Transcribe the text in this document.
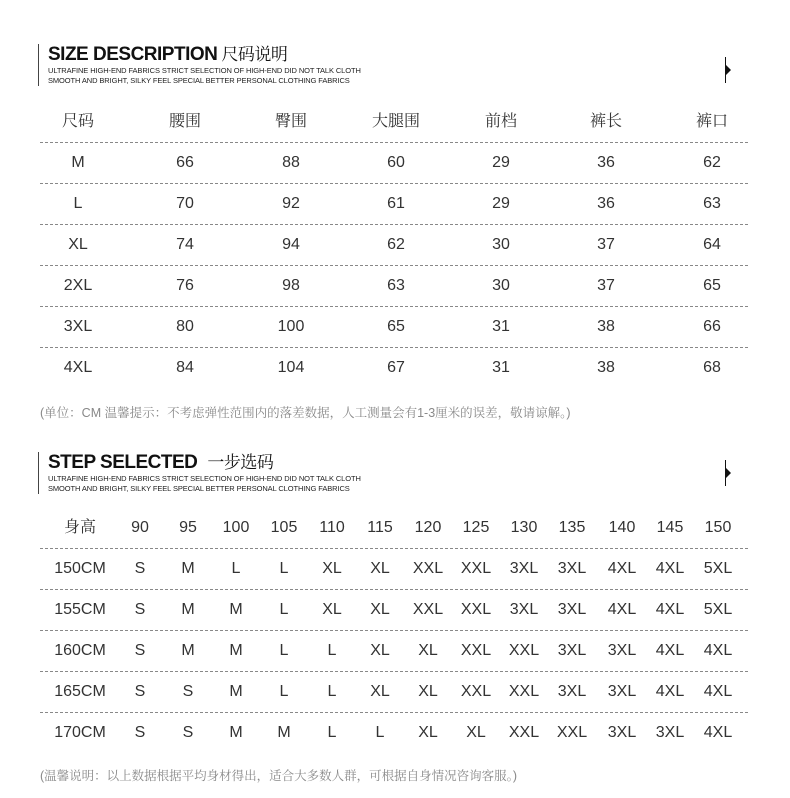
SIZE DESCRIPTION 尺码说明
ULTRAFINE HIGH-END FABRICS STRICT SELECTION OF HIGH-END DID NOT TALK CLOTH
SMOOTH AND BRIGHT, SILKY FEEL SPECIAL BETTER PERSONAL CLOTHING FABRICS
尺码	腰围	臀围	大腿围	前档	裤长	裤口
M	66	88	60	29	36	62
L	70	92	61	29	36	63
XL	74	94	62	30	37	64
2XL	76	98	63	30	37	65
3XL	80	100	65	31	38	66
4XL	84	104	67	31	38	68
(单位：CM 温馨提示：不考虑弹性范围内的落差数据，人工测量会有1-3厘米的误差，敬请谅解。)
STEP SELECTED 一步选码
ULTRAFINE HIGH-END FABRICS STRICT SELECTION OF HIGH-END DID NOT TALK CLOTH
SMOOTH AND BRIGHT, SILKY FEEL SPECIAL BETTER PERSONAL CLOTHING FABRICS
身高 90 95 100 105 110 115 120 125 130 135 140 145 150
150CM S M L L XL XL XXL XXL 3XL 3XL 4XL 4XL 5XL
155CM S M M L XL XL XXL XXL 3XL 3XL 4XL 4XL 5XL
160CM S M M L L XL XL XXL XXL 3XL 3XL 4XL 4XL
165CM S S M L L XL XL XXL XXL 3XL 3XL 4XL 4XL
170CM S S M M L L XL XL XXL XXL 3XL 3XL 4XL
(温馨说明：以上数据根据平均身材得出，适合大多数人群，可根据自身情况咨询客服。)
